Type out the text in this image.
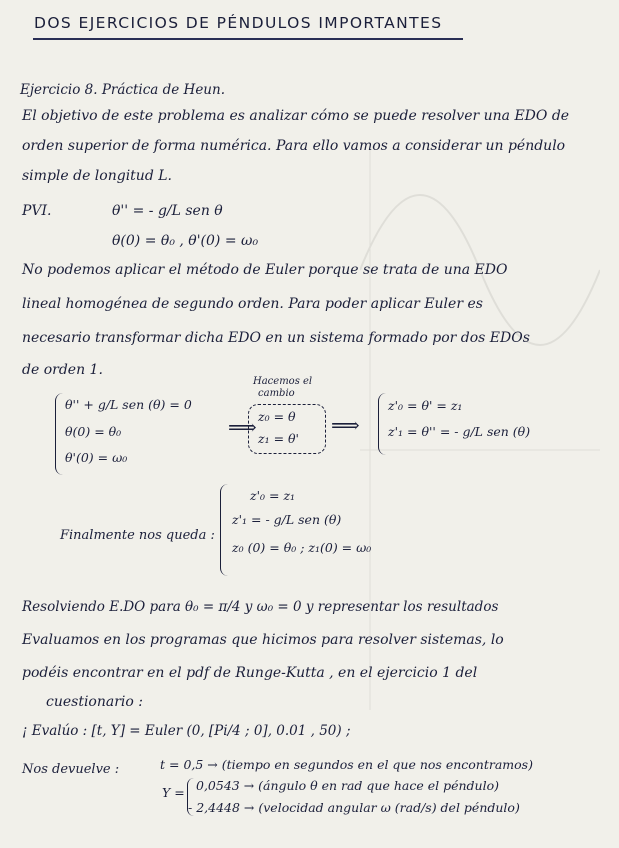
DOS EJERCICIOS DE PÉNDULOS IMPORTANTES
Ejercicio 8. Práctica de Heun.
El objetivo de este problema es analizar cómo se puede resolver una EDO de
orden superior de forma numérica. Para ello vamos a considerar un péndulo
simple de longitud L.
PVI.	θ'' = - g/L sen θ
θ(0) = θ₀ , θ'(0) = ω₀
No podemos aplicar el método de Euler porque se trata de una EDO
lineal homogénea de segundo orden. Para poder aplicar Euler es
necesario transformar dicha EDO en un sistema formado por dos EDOs
de orden 1.
θ'' + g/L sen (θ) = 0
θ(0) = θ₀
θ'(0) = ω₀
Hacemos el
cambio
⟹ z₀ = θ
z₁ = θ'
⟹
z'₀ = θ' = z₁
z'₁ = θ'' = - g/L sen (θ)
Finalmente nos queda :
z'₀ = z₁
z'₁ = - g/L sen (θ)
z₀ (0) = θ₀ ; z₁(0) = ω₀
Resolviendo E.DO para θ₀ = π/4 y ω₀ = 0 y representar los resultados
Evaluamos en los programas que hicimos para resolver sistemas, lo
podéis encontrar en el pdf de Runge-Kutta , en el ejercicio 1 del
cuestionario :
¡ Evalúo : [t, Y] = Euler (0, [Pi/4 ; 0], 0.01 , 50) ;
Nos devuelve :	t = 0,5 → (tiempo en segundos en el que nos encontramos)
Y = 0,0543 → (ángulo θ en rad que hace el péndulo)
- 2,4448 → (velocidad angular ω (rad/s) del péndulo)
